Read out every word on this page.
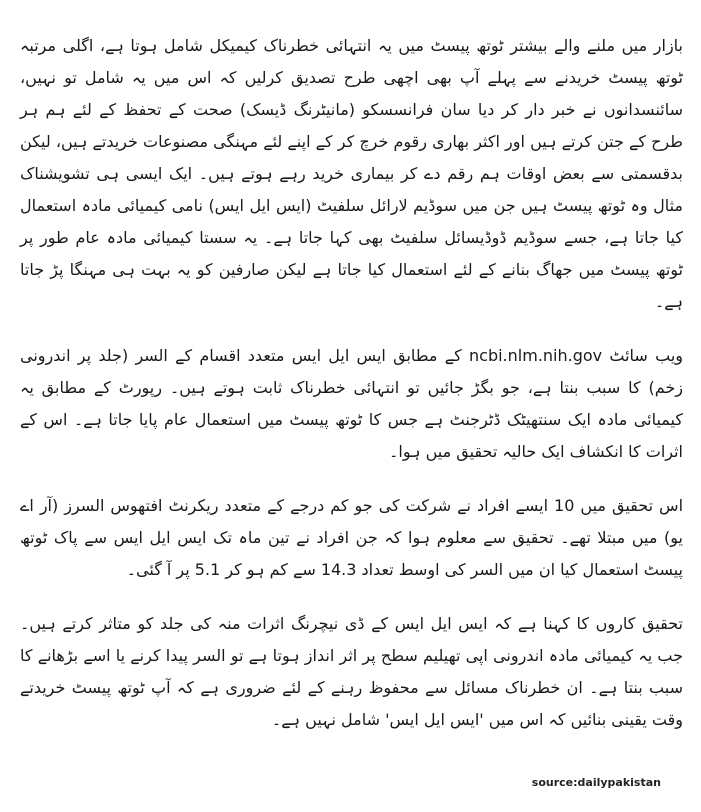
بازار میں ملنے والے بیشتر ٹوتھ پیسٹ میں یہ انتہائی خطرناک کیمیکل شامل ہوتا ہے، اگلی مرتبہ ٹوتھ پیسٹ خریدنے سے پہلے آپ بھی اچھی طرح تصدیق کرلیں کہ اس میں یہ شامل تو نہیں، سائنسدانوں نے خبر دار کر دیا سان فرانسسکو (مانیٹرنگ ڈیسک) صحت کے تحفظ کے لئے ہم ہر طرح کے جتن کرتے ہیں اور اکثر بھاری رقوم خرچ کر کے اپنے لئے مہنگی مصنوعات خریدتے ہیں، لیکن بدقسمتی سے بعض اوقات ہم رقم دے کر بیماری خرید رہے ہوتے ہیں۔ ایک ایسی ہی تشویشناک مثال وہ ٹوتھ پیسٹ ہیں جن میں سوڈیم لارائل سلفیٹ (ایس ایل ایس) نامی کیمیائی مادہ استعمال کیا جاتا ہے، جسے سوڈیم ڈوڈیسائل سلفیٹ بھی کہا جاتا ہے۔ یہ سستا کیمیائی مادہ عام طور پر ٹوتھ پیسٹ میں جھاگ بنانے کے لئے استعمال کیا جاتا ہے لیکن صارفین کو یہ بہت ہی مہنگا پڑ جاتا ہے۔

ویب سائٹ ncbi.nlm.nih.gov کے مطابق ایس ایل ایس متعدد اقسام کے السر (جلد پر اندرونی زخم) کا سبب بنتا ہے، جو بگڑ جائیں تو انتہائی خطرناک ثابت ہوتے ہیں۔ رپورٹ کے مطابق یہ کیمیائی مادہ ایک سنتھیٹک ڈٹرجنٹ ہے جس کا ٹوتھ پیسٹ میں استعمال عام پایا جاتا ہے۔ اس کے اثرات کا انکشاف ایک حالیہ تحقیق میں ہوا۔

اس تحقیق میں 10 ایسے افراد نے شرکت کی جو کم درجے کے متعدد ریکرنٹ افتھوس السرز (آر اے یو) میں مبتلا تھے۔ تحقیق سے معلوم ہوا کہ جن افراد نے تین ماہ تک ایس ایل ایس سے پاک ٹوتھ پیسٹ استعمال کیا ان میں السر کی اوسط تعداد 14.3 سے کم ہو کر 5.1 پر آ گئی۔

تحقیق کاروں کا کہنا ہے کہ ایس ایل ایس کے ڈی نیچرنگ اثرات منہ کی جلد کو متاثر کرتے ہیں۔ جب یہ کیمیائی مادہ اندرونی اپی تھیلیم سطح پر اثر انداز ہوتا ہے تو السر پیدا کرنے یا اسے بڑھانے کا سبب بنتا ہے۔ ان خطرناک مسائل سے محفوظ رہنے کے لئے ضروری ہے کہ آپ ٹوتھ پیسٹ خریدتے وقت یقینی بنائیں کہ اس میں 'ایس ایل ایس' شامل نہیں ہے۔

source:dailypakistan
